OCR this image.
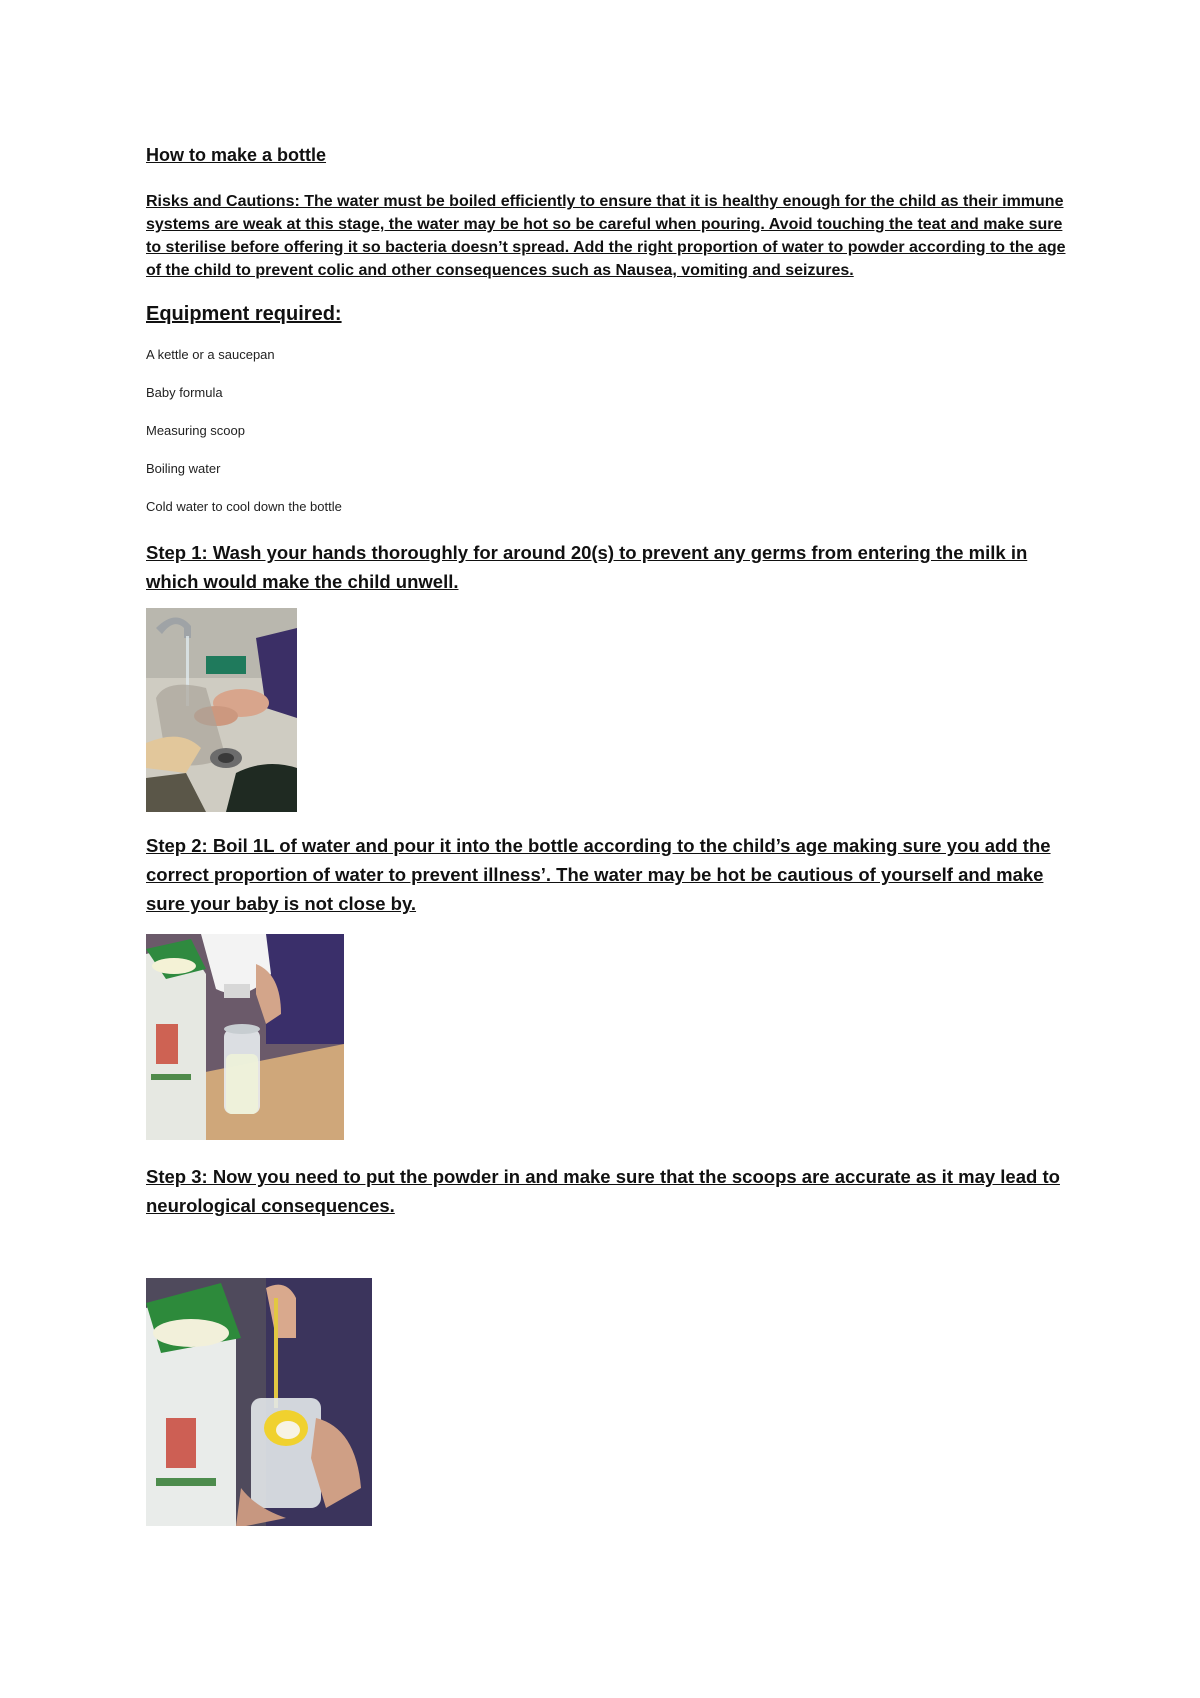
How to make a bottle

Risks and Cautions: The water must be boiled efficiently to ensure that it is healthy enough for the child as their immune systems are weak at this stage, the water may be hot so be careful when pouring. Avoid touching the teat and make sure to sterilise before offering it so bacteria doesn’t spread. Add the right proportion of water to powder according to the age of the child to prevent colic and other consequences such as Nausea, vomiting and seizures.

Equipment required:
A kettle or a saucepan
Baby formula
Measuring scoop
Boiling water
Cold water to cool down the bottle

Step 1: Wash your hands thoroughly for around 20(s) to prevent any germs from entering the milk in which would make the child unwell.

Step 2: Boil 1L of water and pour it into the bottle according to the child’s age making sure you add the correct proportion of water to prevent illness’. The water may be hot be cautious of yourself and make sure your baby is not close by.

Step 3: Now you need to put the powder in and make sure that the scoops are accurate as it may lead to neurological consequences.
